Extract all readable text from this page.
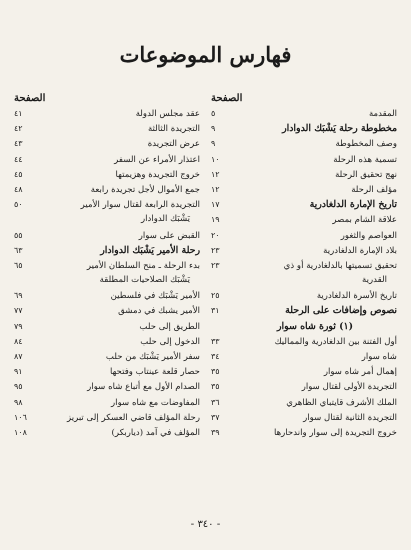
فهارس الموضوعات
الصفحة
المقدمة
٥
مخطوطة رحلة يَشْبَك الدوادار
٩
وصف المخطوطة
٩
تسمية هذه الرحلة
١٠
نهج تحقيق الرحلة
١٢
مؤلف الرحلة
١٢
تاريخ الإمارة الدلغادرية
١٧
علاقة الشام بمصر
١٩
العواصم والثغور
٢٠
بلاد الإمارة الدلغادرية
٢٣
تحقيق تسميتها بالدلغادرية أو ذي
٢٣
القدرية
تاريخ الأسرة الدلغادرية
٢٥
نصوص وإضافات على الرحلة
٣١
(١) ثورة شاه سوار
أول الفتنة بين الدلغادرية والمماليك
٣٣
شاه سوار
٣٤
إهمال أمر شاه سوار
٣٥
التجريدة الأولى لقتال سوار
٣٥
الملك الأشرف قايتباي الظاهري
٣٦
التجريدة الثانية لقتال سوار
٣٧
خروج التجريدة إلى سوار واندحارها
٣٩
الصفحة
عقد مجلس الدولة
٤١
التجريدة الثالثة
٤٢
عرض التجريدة
٤٣
اعتذار الأمراء عن السفر
٤٤
خروج التجريدة وهزيمتها
٤٥
جمع الأموال لأجل تجريدة رابعة
٤٨
التجريدة الرابعة لقتال سوار الأمير
٥٠
يَشْبَك الدوادار
القبض على سوار
٥٥
رحلة الأمير يَشْبَك الدوادار
٦٣
بدء الرحلة ـ منح السلطان الأمير
٦٥
يَشْبَك الصلاحيات المطلقة
الأمير يَشْبَك في فلسطين
٦٩
الأمير يشبك في دمشق
٧٧
الطريق إلى حلب
٧٩
الدخول إلى حلب
٨٤
سفر الأمير يَشْبَك من حلب
٨٧
حصار قلعة عينتاب وفتحها
٩١
الصدام الأول مع أتباع شاه سوار
٩٥
المفاوضات مع شاه سوار
٩٨
رحلة المؤلف قاضي العسكر إلى تبريز
١٠٦
المؤلف في آمد (دياربكر)
١٠٨
- ٣٤٠ -
